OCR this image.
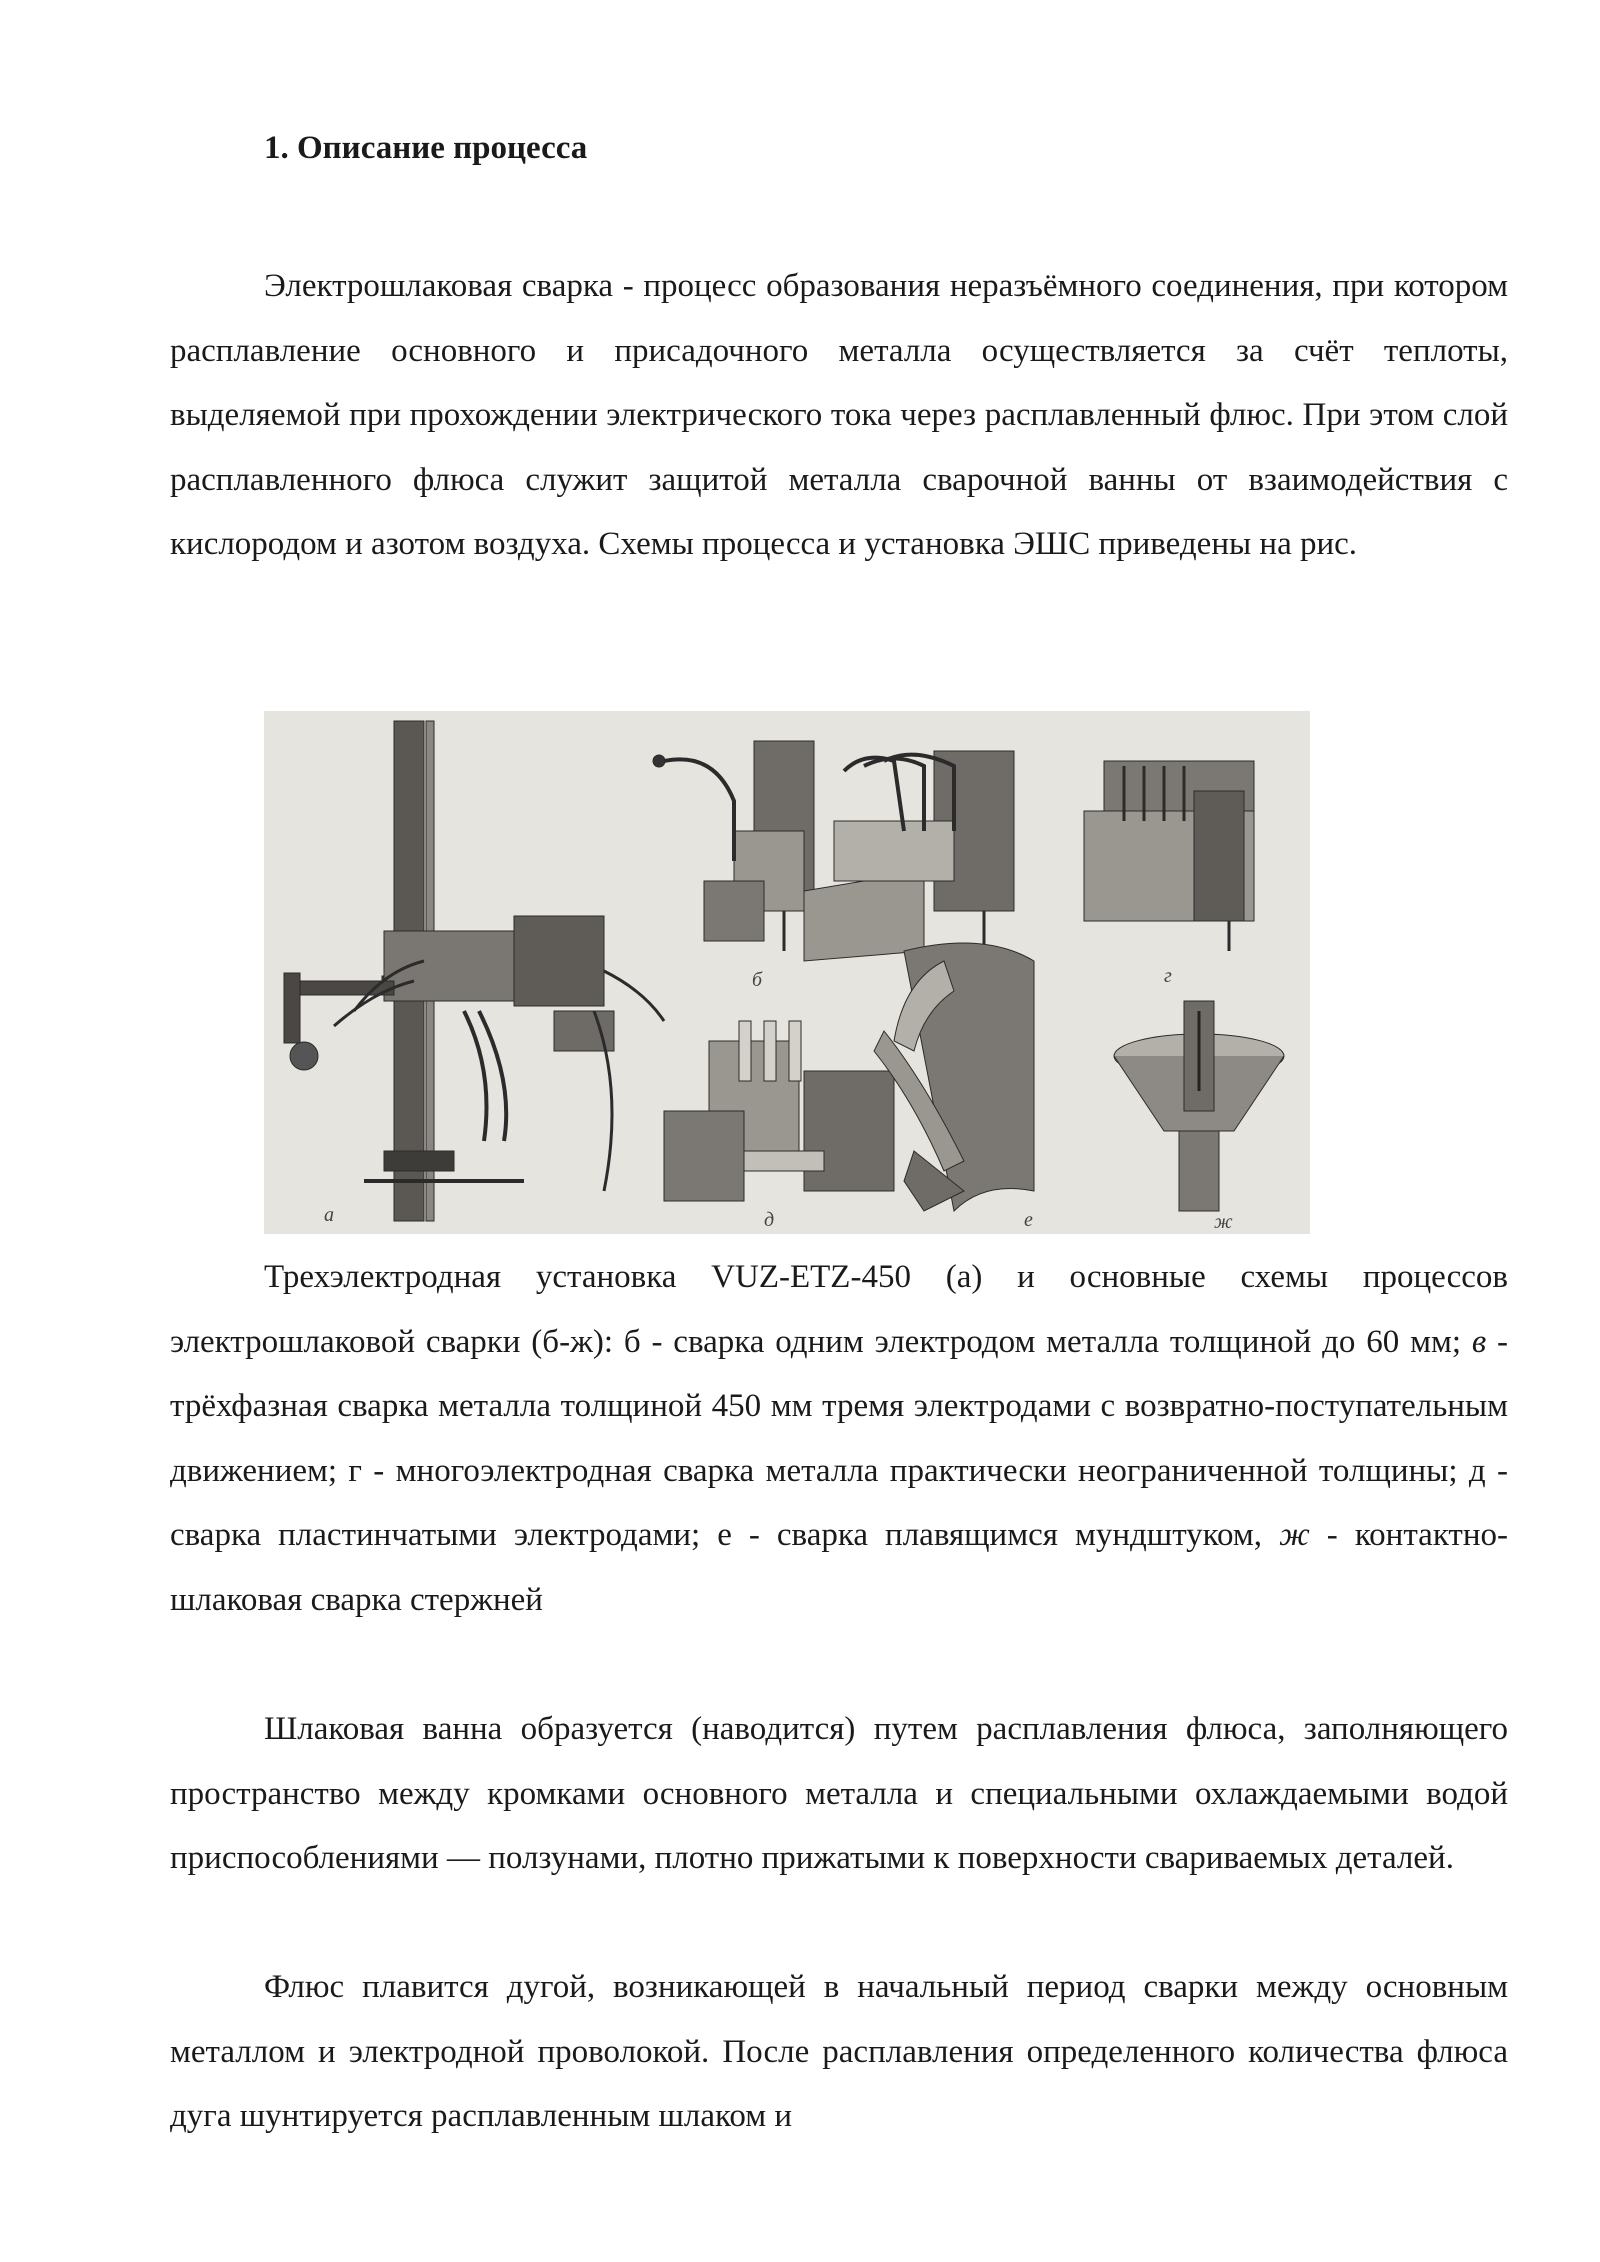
1. Описание процесса

Электрошлаковая сварка - процесс образования неразъёмного соединения, при котором расплавление основного и присадочного металла осуществляется за счёт теплоты, выделяемой при прохождении электрического тока через расплавленный флюс. При этом слой расплавленного флюса служит защитой металла сварочной ванны от взаимодействия с кислородом и азотом воздуха. Схемы процесса и установка ЭШС приведены на рис.

а
б	г
д	е	ж

Трехэлектродная установка VUZ-ETZ-450 (а) и основные схемы процессов электрошлаковой сварки (б-ж): б - сварка одним электродом металла толщиной до 60 мм; в - трёхфазная сварка металла толщиной 450 мм тремя электродами с возвратно-поступательным движением; г - многоэлектродная сварка металла практически неограниченной толщины; д - сварка пластинчатыми электродами; е - сварка плавящимся мундштуком, ж - контактно-шлаковая сварка стержней

Шлаковая ванна образуется (наводится) путем расплавления флюса, заполняющего пространство между кромками основного металла и специальными охлаждаемыми водой приспособлениями — ползунами, плотно прижатыми к поверхности свариваемых деталей.

Флюс плавится дугой, возникающей в начальный период сварки между основным металлом и электродной проволокой. После расплавления определенного количества флюса дуга шунтируется расплавленным шлаком и
